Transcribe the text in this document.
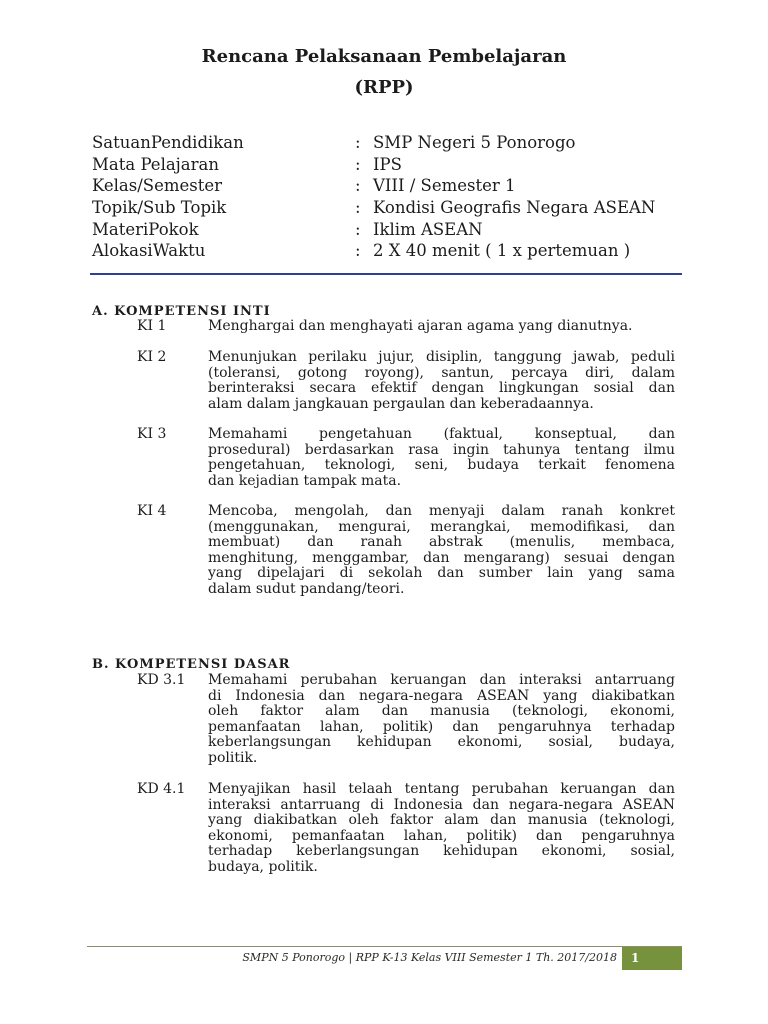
Rencana Pelaksanaan Pembelajaran
(RPP)
SatuanPendidikan	: SMP Negeri 5 Ponorogo
Mata Pelajaran	: IPS
Kelas/Semester	: VIII / Semester 1
Topik/Sub Topik	: Kondisi Geografis Negara ASEAN
MateriPokok	: Iklim ASEAN
AlokasiWaktu	: 2 X 40 menit ( 1 x pertemuan )
A. KOMPETENSI INTI
KI 1	Menghargai dan menghayati ajaran agama yang dianutnya.
KI 2	Menunjukan perilaku jujur, disiplin, tanggung jawab, peduli
(toleransi, gotong royong), santun, percaya diri, dalam
berinteraksi secara efektif dengan lingkungan sosial dan
alam dalam jangkauan pergaulan dan keberadaannya.
KI 3	Memahami pengetahuan (faktual, konseptual, dan
prosedural) berdasarkan rasa ingin tahunya tentang ilmu
pengetahuan, teknologi, seni, budaya terkait fenomena
dan kejadian tampak mata.
KI 4	Mencoba, mengolah, dan menyaji dalam ranah konkret
(menggunakan, mengurai, merangkai, memodifikasi, dan
membuat) dan ranah abstrak (menulis, membaca,
menghitung, menggambar, dan mengarang) sesuai dengan
yang dipelajari di sekolah dan sumber lain yang sama
dalam sudut pandang/teori.
B. KOMPETENSI DASAR
KD 3.1 Memahami perubahan keruangan dan interaksi antarruang
di Indonesia dan negara-negara ASEAN yang diakibatkan
oleh faktor alam dan manusia (teknologi, ekonomi,
pemanfaatan lahan, politik) dan pengaruhnya terhadap
keberlangsungan kehidupan ekonomi, sosial, budaya,
politik.
KD 4.1 Menyajikan hasil telaah tentang perubahan keruangan dan
interaksi antarruang di Indonesia dan negara-negara ASEAN
yang diakibatkan oleh faktor alam dan manusia (teknologi,
ekonomi, pemanfaatan lahan, politik) dan pengaruhnya
terhadap keberlangsungan kehidupan ekonomi, sosial,
budaya, politik.
SMPN 5 Ponorogo | RPP K-13 Kelas VIII Semester 1 Th. 2017/2018 1
